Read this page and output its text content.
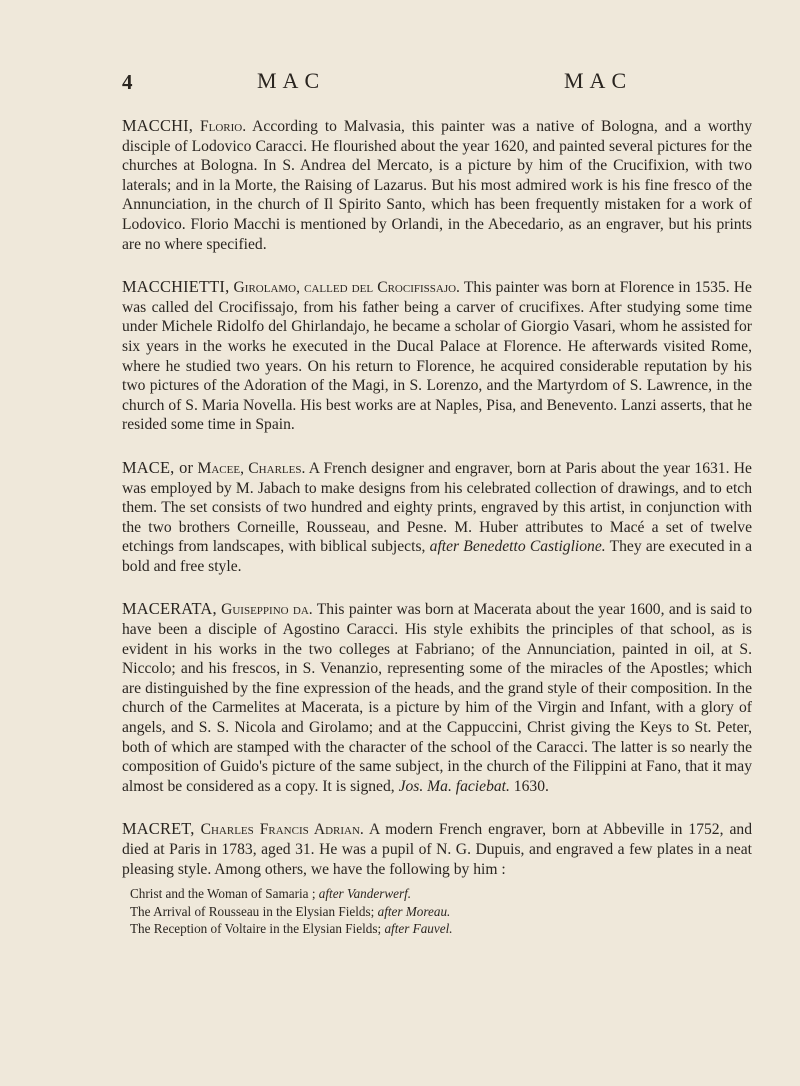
4	MAC	MAC

MACCHI, Florio. According to Malvasia, this painter was a native of Bologna, and a worthy disciple of Lodovico Caracci. He flourished about the year 1620, and painted several pictures for the churches at Bologna. In S. Andrea del Mercato, is a picture by him of the Crucifixion, with two laterals; and in la Morte, the Raising of Lazarus. But his most admired work is his fine fresco of the Annunciation, in the church of Il Spirito Santo, which has been frequently mistaken for a work of Lodovico. Florio Macchi is mentioned by Orlandi, in the Abecedario, as an engraver, but his prints are no where specified.

MACCHIETTI, Girolamo, called del Crocifissajo. This painter was born at Florence in 1535. He was called del Crocifissajo, from his father being a carver of crucifixes. After studying some time under Michele Ridolfo del Ghirlandajo, he became a scholar of Giorgio Vasari, whom he assisted for six years in the works he executed in the Ducal Palace at Florence. He afterwards visited Rome, where he studied two years. On his return to Florence, he acquired considerable reputation by his two pictures of the Adoration of the Magi, in S. Lorenzo, and the Martyrdom of S. Lawrence, in the church of S. Maria Novella. His best works are at Naples, Pisa, and Benevento. Lanzi asserts, that he resided some time in Spain.

MACE, or Macee, Charles. A French designer and engraver, born at Paris about the year 1631. He was employed by M. Jabach to make designs from his celebrated collection of drawings, and to etch them. The set consists of two hundred and eighty prints, engraved by this artist, in conjunction with the two brothers Corneille, Rousseau, and Pesne. M. Huber attributes to Macé a set of twelve etchings from landscapes, with biblical subjects, after Benedetto Castiglione. They are executed in a bold and free style.

MACERATA, Guiseppino da. This painter was born at Macerata about the year 1600, and is said to have been a disciple of Agostino Caracci. His style exhibits the principles of that school, as is evident in his works in the two colleges at Fabriano; of the Annunciation, painted in oil, at S. Niccolo; and his frescos, in S. Venanzio, representing some of the miracles of the Apostles; which are distinguished by the fine expression of the heads, and the grand style of their composition. In the church of the Carmelites at Macerata, is a picture by him of the Virgin and Infant, with a glory of angels, and S. S. Nicola and Girolamo; and at the Cappuccini, Christ giving the Keys to St. Peter, both of which are stamped with the character of the school of the Caracci. The latter is so nearly the composition of Guido's picture of the same subject, in the church of the Filippini at Fano, that it may almost be considered as a copy. It is signed, Jos. Ma. faciebat. 1630.

MACRET, Charles Francis Adrian. A modern French engraver, born at Abbeville in 1752, and died at Paris in 1783, aged 31. He was a pupil of N. G. Dupuis, and engraved a few plates in a neat pleasing style. Among others, we have the following by him :
Christ and the Woman of Samaria ; after Vanderwerf.
The Arrival of Rousseau in the Elysian Fields; after Moreau.
The Reception of Voltaire in the Elysian Fields; after Fauvel.
